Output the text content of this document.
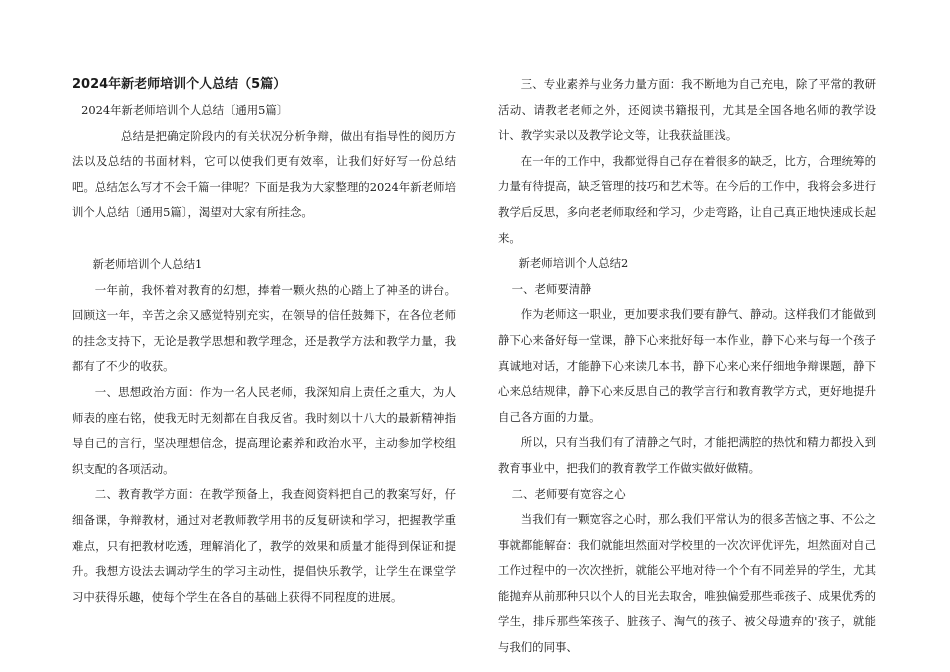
2024年新老师培训个人总结（5篇）

2024年新老师培训个人总结〔通用5篇〕

总结是把确定阶段内的有关状况分析争辩，做出有指导性的阅历方法以及总结的书面材料，它可以使我们更有效率，让我们好好写一份总结吧。总结怎么写才不会千篇一律呢？下面是我为大家整理的2024年新老师培训个人总结〔通用5篇〕，渴望对大家有所挂念。

新老师培训个人总结1

一年前，我怀着对教育的幻想，捧着一颗火热的心踏上了神圣的讲台。回顾这一年，辛苦之余又感觉特别充实，在领导的信任鼓舞下，在各位老师的挂念支持下，无论是教学思想和教学理念，还是教学方法和教学力量，我都有了不少的收获。

一、思想政治方面：作为一名人民老师，我深知肩上责任之重大，为人师表的座右铭，使我无时无刻都在自我反省。我时刻以十八大的最新精神指导自己的言行，坚决理想信念，提高理论素养和政治水平，主动参加学校组织支配的各项活动。

二、教育教学方面：在教学预备上，我查阅资料把自己的教案写好，仔细备课，争辩教材，通过对老教师教学用书的反复研读和学习，把握教学重难点，只有把教材吃透，理解消化了，教学的效果和质量才能得到保证和提升。我想方设法去调动学生的学习主动性，提倡快乐教学，让学生在课堂学习中获得乐趣，使每个学生在各自的基础上获得不同程度的进展。

三、专业素养与业务力量方面：我不断地为自己充电，除了平常的教研活动、请教老老师之外，还阅读书籍报刊，尤其是全国各地名师的教学设计、教学实录以及教学论文等，让我获益匪浅。

在一年的工作中，我都觉得自己存在着很多的缺乏，比方，合理统筹的力量有待提高，缺乏管理的技巧和艺术等。在今后的工作中，我将会多进行教学后反思，多向老老师取经和学习，少走弯路，让自己真正地快速成长起来。

新老师培训个人总结2

一、老师要清静

作为老师这一职业，更加要求我们要有静气、静动。这样我们才能做到静下心来备好每一堂课，静下心来批好每一本作业，静下心来与每一个孩子真诚地对话，才能静下心来读几本书，静下心来心来仔细地争辩课题，静下心来总结规律，静下心来反思自己的教学言行和教育教学方式，更好地提升自己各方面的力量。

所以，只有当我们有了清静之气时，才能把满腔的热忱和精力都投入到教育事业中，把我们的教育教学工作做实做好做精。

二、老师要有宽容之心

当我们有一颗宽容之心时，那么我们平常认为的很多苦恼之事、不公之事就都能解奋：我们就能坦然面对学校里的一次次评优评先，坦然面对自己工作过程中的一次次挫折，就能公平地对待一个个有不同差异的学生，尤其能抛弃从前那种只以个人的目光去取舍，唯独偏爱那些乖孩子、成果优秀的学生，排斥那些笨孩子、脏孩子、淘气的孩子、被父母遗弃的'孩子，就能与我们的同事、
